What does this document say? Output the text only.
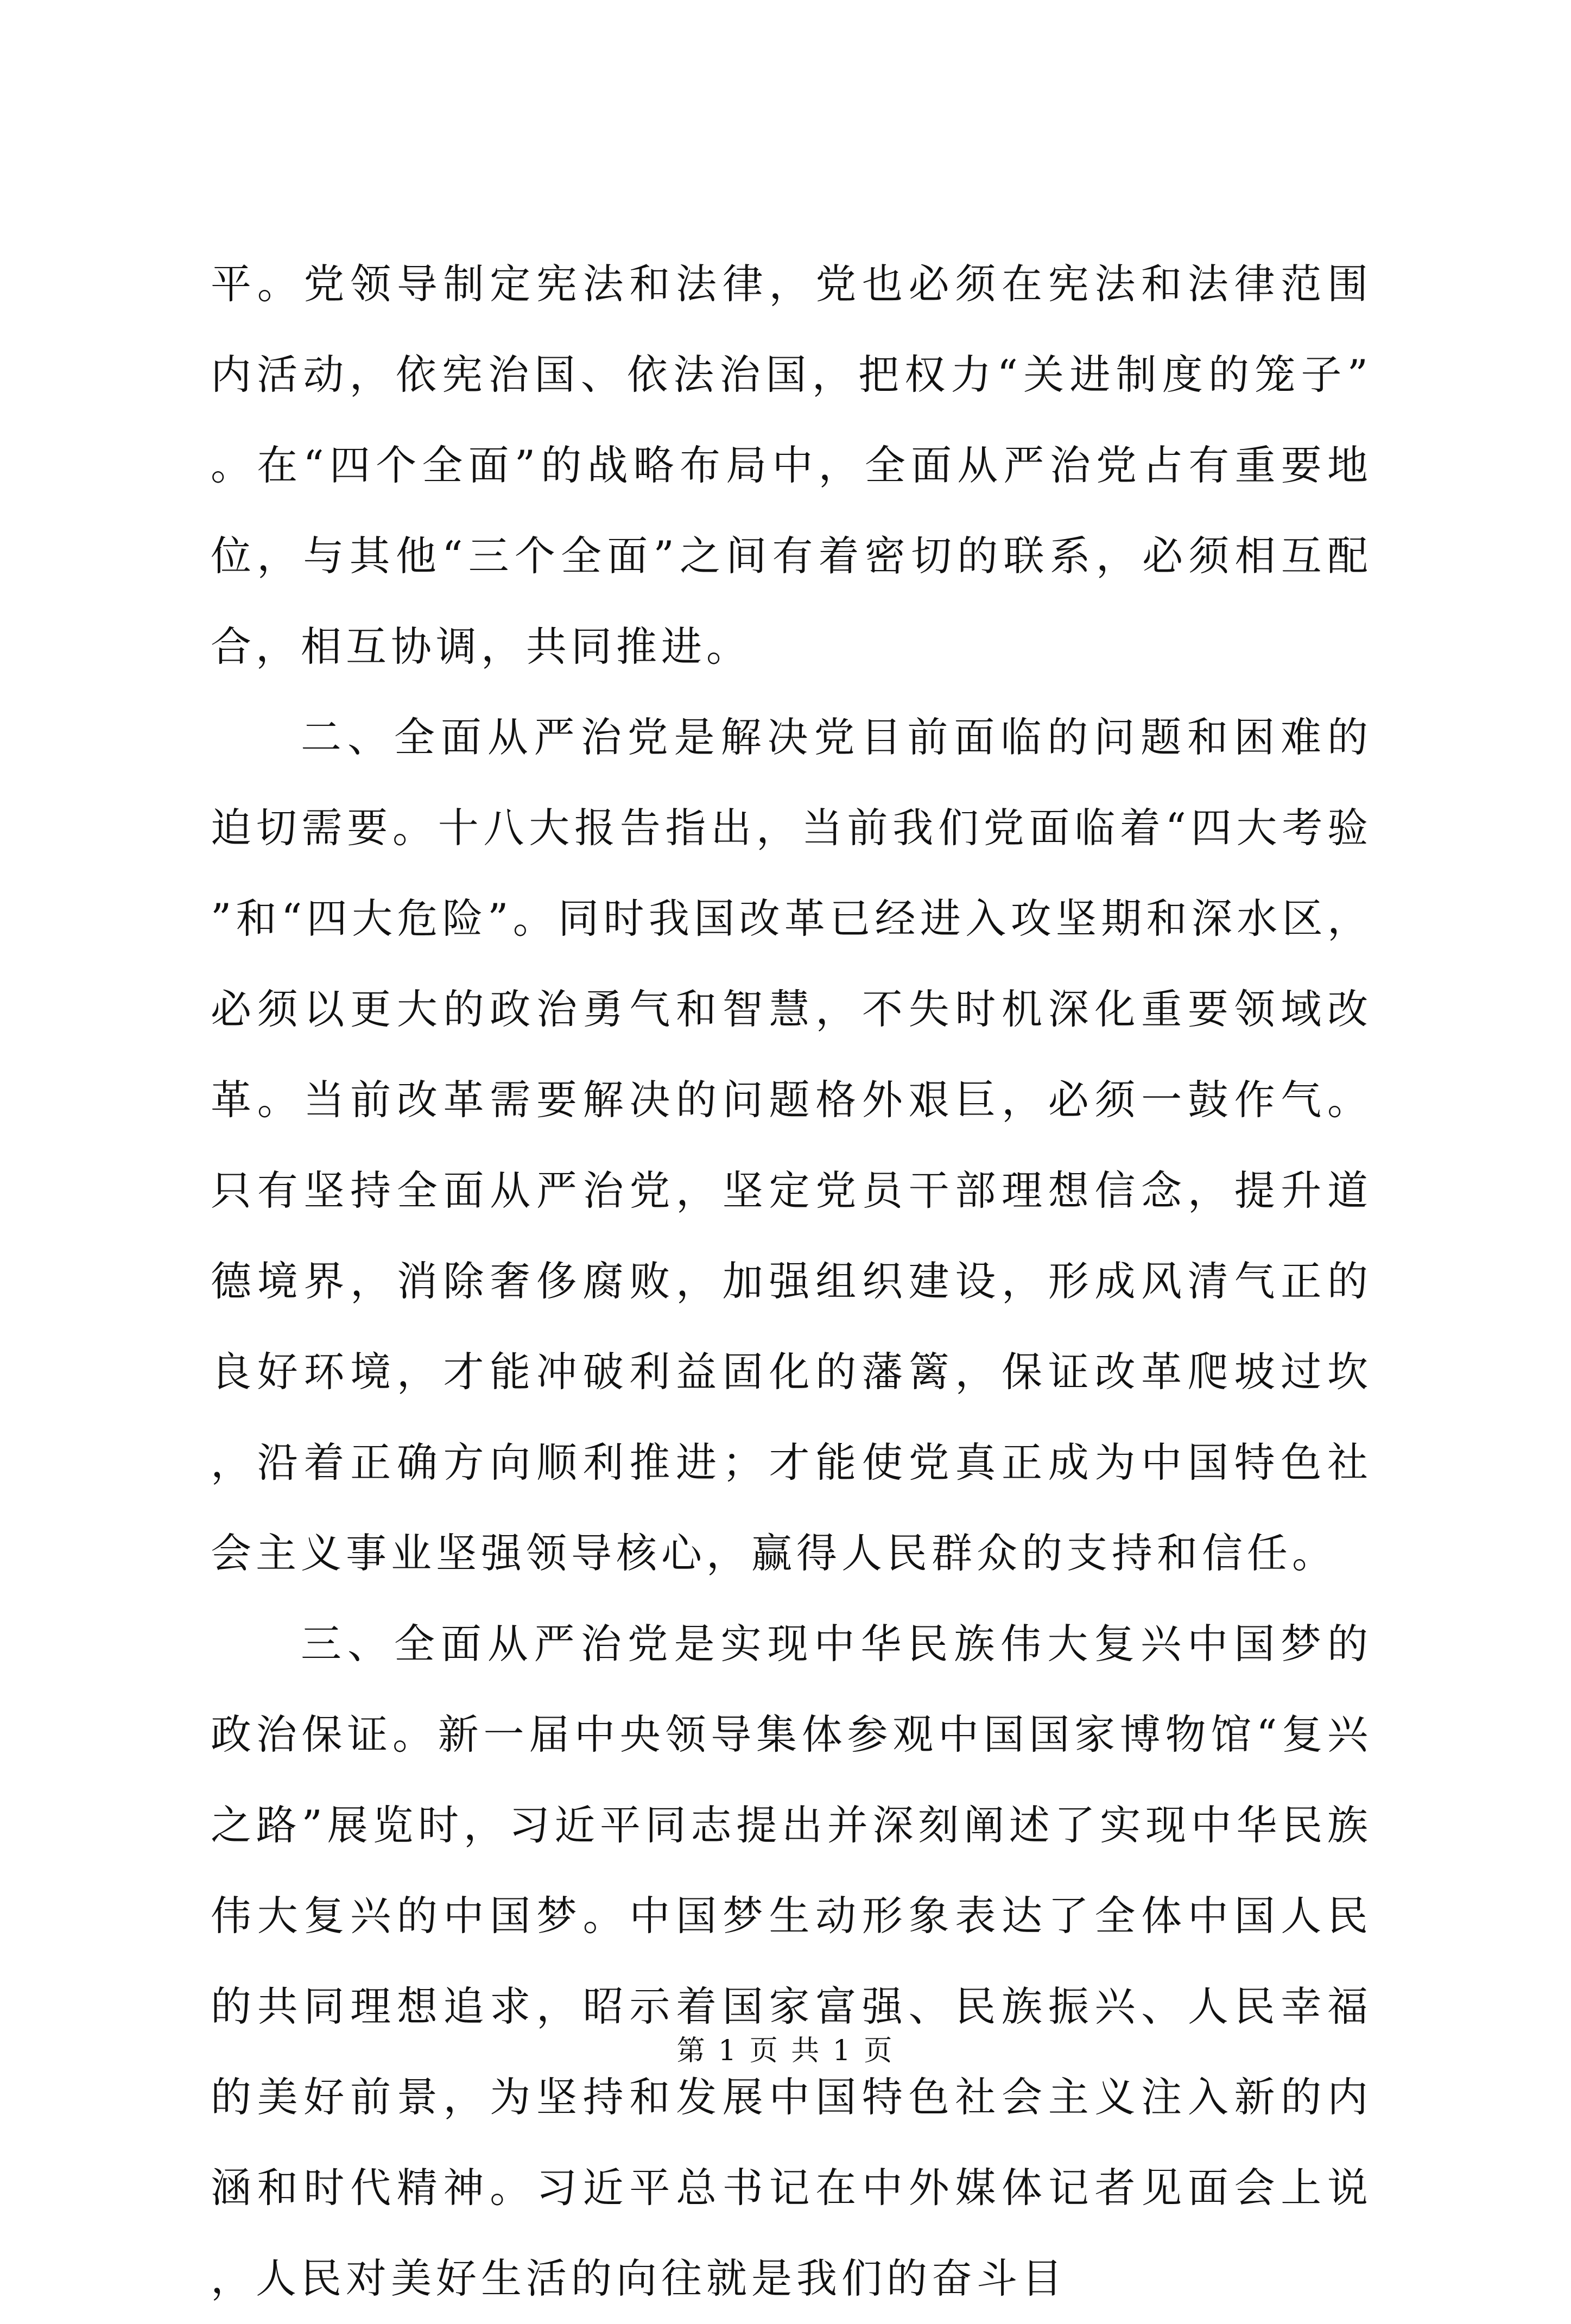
平。党领导制定宪法和法律，党也必须在宪法和法律范围内活动，依宪治国、依法治国，把权力“关进制度的笼子”。在“四个全面”的战略布局中，全面从严治党占有重要地位，与其他“三个全面”之间有着密切的联系，必须相互配合，相互协调，共同推进。

二、全面从严治党是解决党目前面临的问题和困难的迫切需要。十八大报告指出，当前我们党面临着“四大考验”和“四大危险”。同时我国改革已经进入攻坚期和深水区，必须以更大的政治勇气和智慧，不失时机深化重要领域改革。当前改革需要解决的问题格外艰巨，必须一鼓作气。只有坚持全面从严治党，坚定党员干部理想信念，提升道德境界，消除奢侈腐败，加强组织建设，形成风清气正的良好环境，才能冲破利益固化的藩篱，保证改革爬坡过坎，沿着正确方向顺利推进；才能使党真正成为中国特色社会主义事业坚强领导核心，赢得人民群众的支持和信任。

三、全面从严治党是实现中华民族伟大复兴中国梦的政治保证。新一届中央领导集体参观中国国家博物馆“复兴之路”展览时，习近平同志提出并深刻阐述了实现中华民族伟大复兴的中国梦。中国梦生动形象表达了全体中国人民的共同理想追求，昭示着国家富强、民族振兴、人民幸福的美好前景，为坚持和发展中国特色社会主义注入新的内涵和时代精神。习近平总书记在中外媒体记者见面会上说，人民对美好生活的向往就是我们的奋斗目

第 1 页 共 1 页
